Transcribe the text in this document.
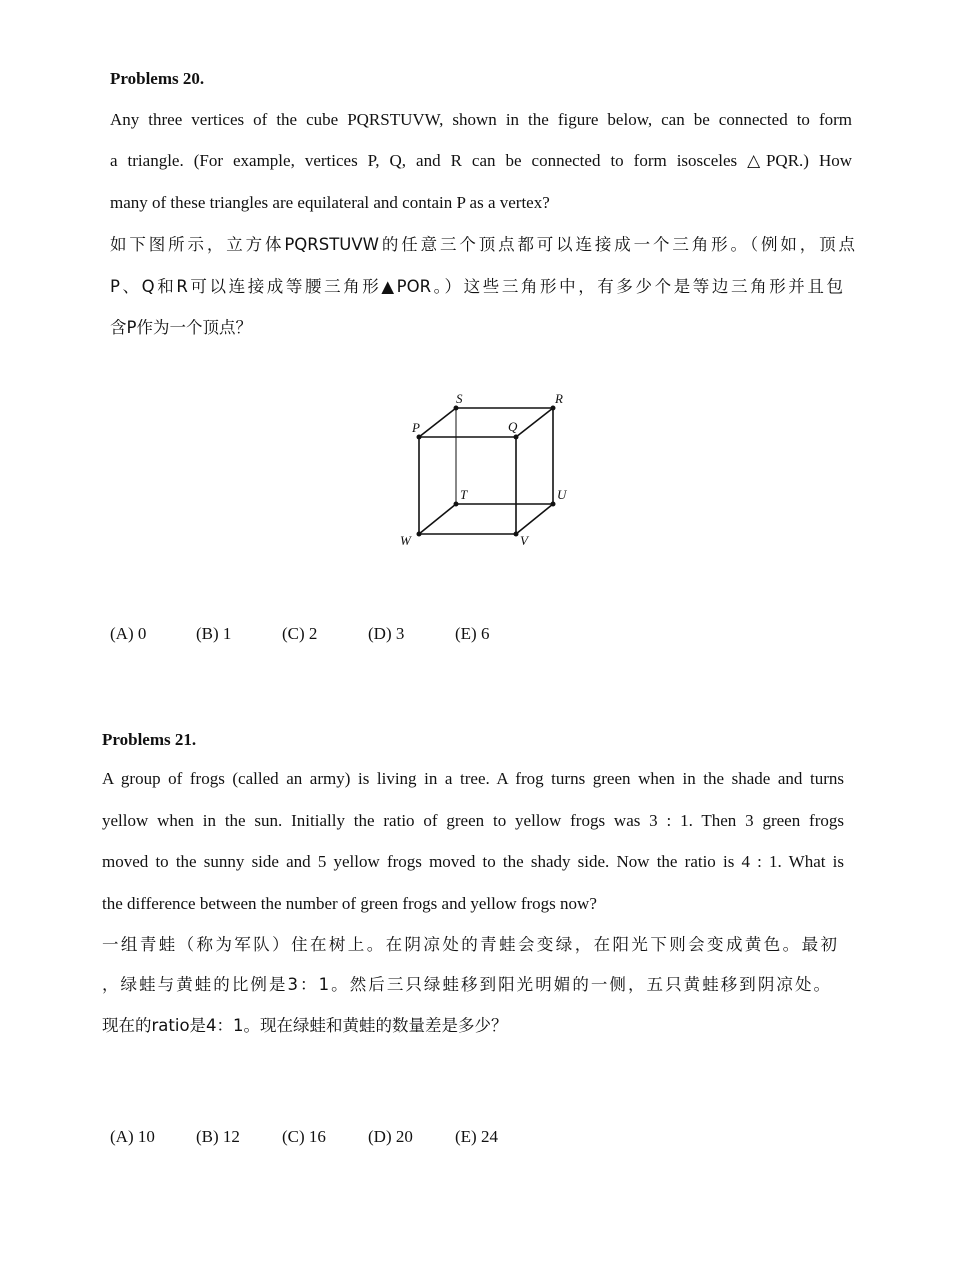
Problems 20.
Any three vertices of the cube PQRSTUVW, shown in the figure below, can be connected to form
a triangle. (For example, vertices P, Q, and R can be connected to form isosceles △PQR.) How
many of these triangles are equilateral and contain P as a vertex?
如下图所示，立方体PQRSTUVW的任意三个顶点都可以连接成一个三角形。（例如，顶点
P、Q和R可以连接成等腰三角形▲POR。）这些三角形中，有多少个是等边三角形并且包
含P作为一个顶点？
S	R
P	Q
T	U
W	V
(A) 0	(B) 1	(C) 2	(D) 3	(E) 6
Problems 21.
A group of frogs (called an army) is living in a tree. A frog turns green when in the shade and turns
yellow when in the sun. Initially the ratio of green to yellow frogs was 3 : 1. Then 3 green frogs
moved to the sunny side and 5 yellow frogs moved to the shady side. Now the ratio is 4 : 1. What is
the difference between the number of green frogs and yellow frogs now?
一组青蛙（称为军队）住在树上。在阴凉处的青蛙会变绿，在阳光下则会变成黄色。最初
，绿蛙与黄蛙的比例是3：1。然后三只绿蛙移到阳光明媚的一侧，五只黄蛙移到阴凉处。
现在的ratio是4：1。现在绿蛙和黄蛙的数量差是多少？
(A) 10 (B) 12 (C) 16 (D) 20 (E) 24
